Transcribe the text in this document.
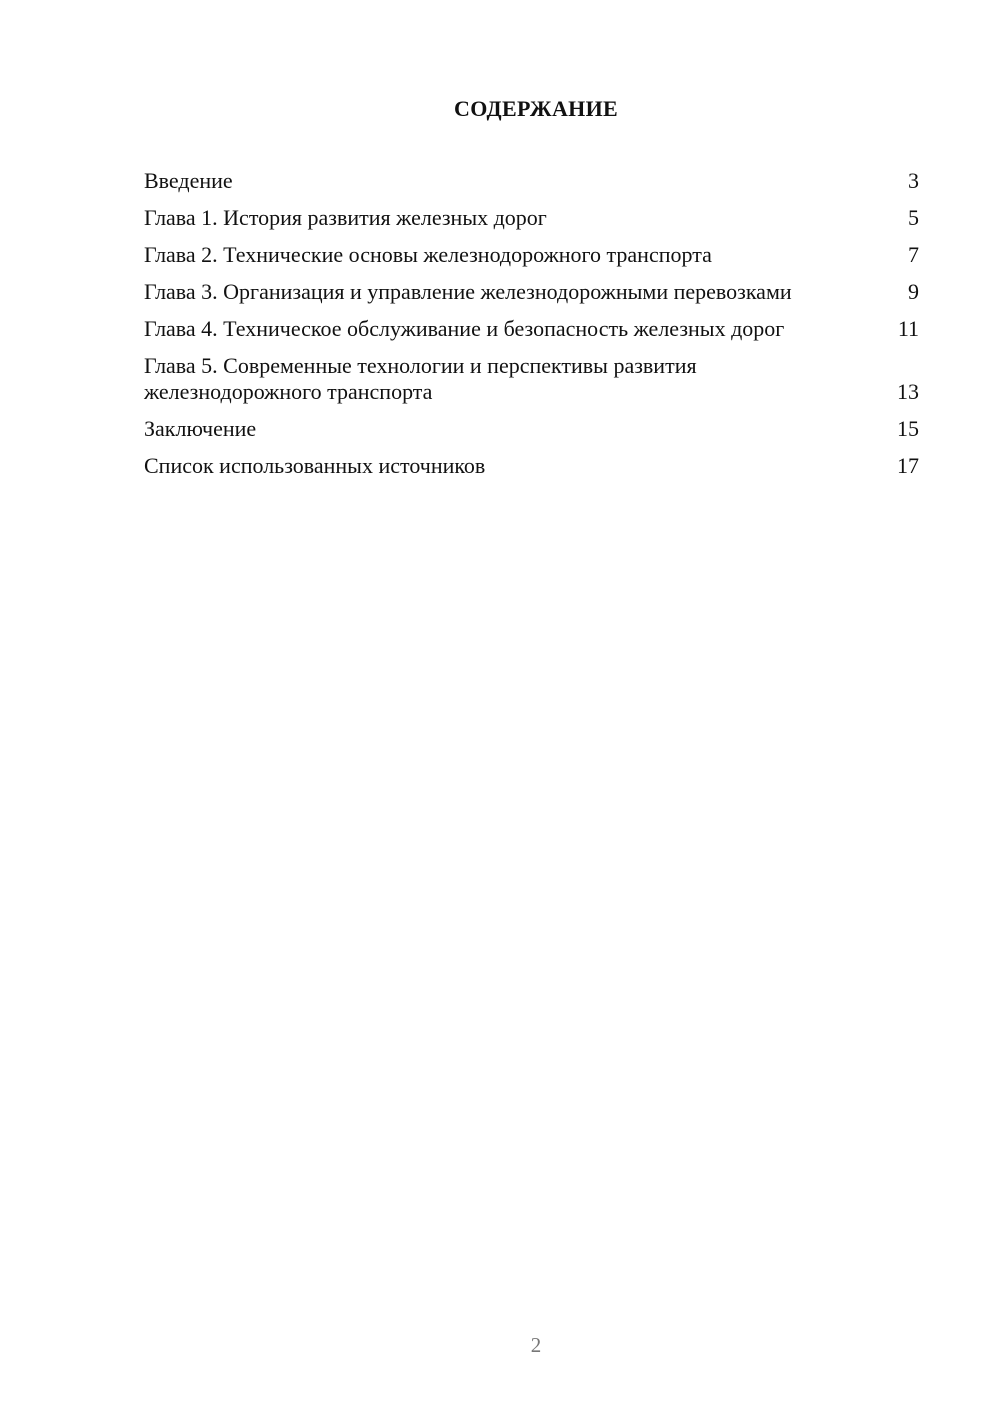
СОДЕРЖАНИЕ
Введение	3
Глава 1. История развития железных дорог	5
Глава 2. Технические основы железнодорожного транспорта	7
Глава 3. Организация и управление железнодорожными перевозками	9
Глава 4. Техническое обслуживание и безопасность железных дорог	11
Глава 5. Современные технологии и перспективы развития железнодорожного транспорта	13
Заключение	15
Список использованных источников	17
2
